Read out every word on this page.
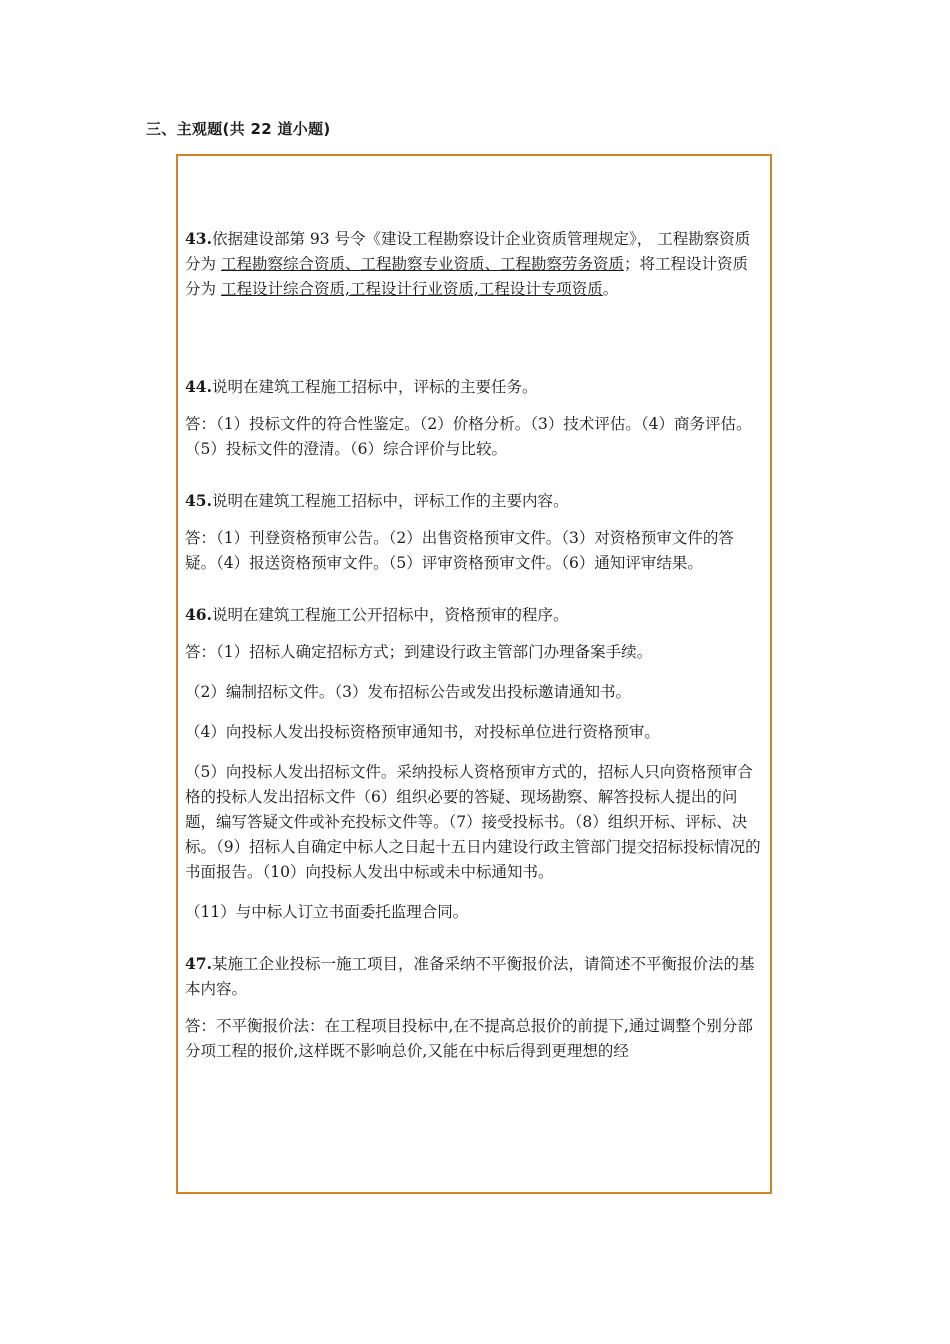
三、主观题(共 22 道小题)

43.依据建设部第 93 号令《建设工程勘察设计企业资质管理规定》， 工程勘察资质分为 工程勘察综合资质、工程勘察专业资质、工程勘察劳务资质；将工程设计资质分为 工程设计综合资质,工程设计行业资质,工程设计专项资质。

44.说明在建筑工程施工招标中，评标的主要任务。

答：（1）投标文件的符合性鉴定。（2）价格分析。（3）技术评估。（4）商务评估。（5）投标文件的澄清。（6）综合评价与比较。

45.说明在建筑工程施工招标中，评标工作的主要内容。

答：（1）刊登资格预审公告。（2）出售资格预审文件。（3）对资格预审文件的答疑。（4）报送资格预审文件。（5）评审资格预审文件。（6）通知评审结果。

46.说明在建筑工程施工公开招标中，资格预审的程序。

答：（1）招标人确定招标方式；到建设行政主管部门办理备案手续。

（2）编制招标文件。（3）发布招标公告或发出投标邀请通知书。

（4）向投标人发出投标资格预审通知书，对投标单位进行资格预审。

（5）向投标人发出招标文件。采纳投标人资格预审方式的，招标人只向资格预审合格的投标人发出招标文件（6）组织必要的答疑、现场勘察、解答投标人提出的问题，编写答疑文件或补充投标文件等。（7）接受投标书。（8）组织开标、评标、决标。（9）招标人自确定中标人之日起十五日内建设行政主管部门提交招标投标情况的书面报告。（10）向投标人发出中标或未中标通知书。

（11）与中标人订立书面委托监理合同。

47.某施工企业投标一施工项目，准备采纳不平衡报价法，请简述不平衡报价法的基本内容。

答：不平衡报价法：在工程项目投标中,在不提高总报价的前提下,通过调整个别分部分项工程的报价,这样既不影响总价,又能在中标后得到更理想的经
